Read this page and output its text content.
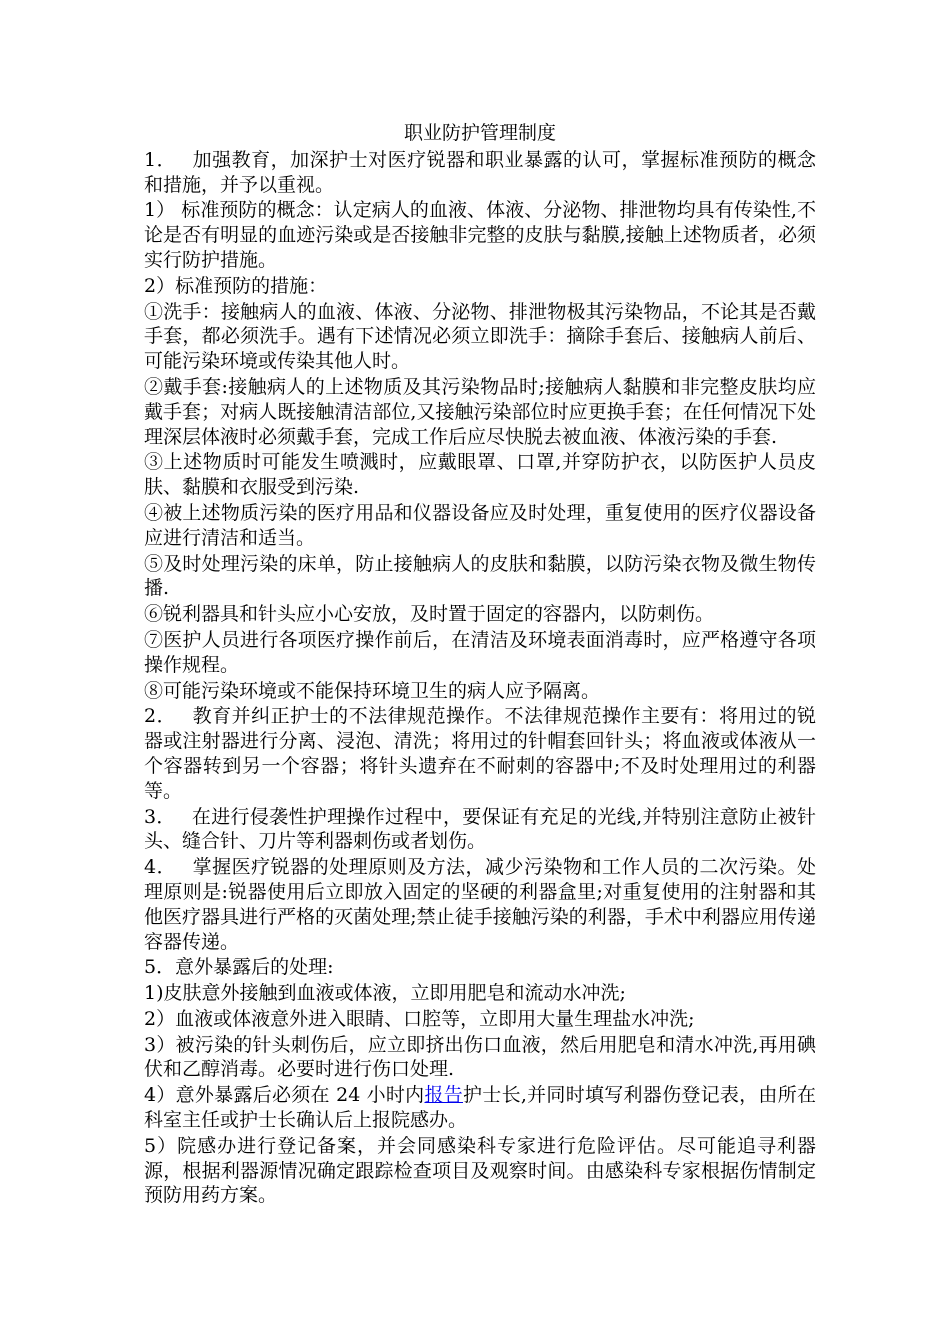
职业防护管理制度
1．　 加强教育，加深护士对医疗锐器和职业暴露的认可，掌握标准预防的概念和措施，并予以重视。
1） 标准预防的概念：认定病人的血液、体液、分泌物、排泄物均具有传染性,不论是否有明显的血迹污染或是否接触非完整的皮肤与黏膜,接触上述物质者，必须实行防护措施。
2）标准预防的措施：
①洗手：接触病人的血液、体液、分泌物、排泄物极其污染物品，不论其是否戴手套，都必须洗手。遇有下述情况必须立即洗手：摘除手套后、接触病人前后、可能污染环境或传染其他人时。
②戴手套:接触病人的上述物质及其污染物品时;接触病人黏膜和非完整皮肤均应戴手套；对病人既接触清洁部位,又接触污染部位时应更换手套；在任何情况下处理深层体液时必须戴手套，完成工作后应尽快脱去被血液、体液污染的手套.
③上述物质时可能发生喷溅时，应戴眼罩、口罩,并穿防护衣，以防医护人员皮肤、黏膜和衣服受到污染.
④被上述物质污染的医疗用品和仪器设备应及时处理，重复使用的医疗仪器设备应进行清洁和适当。
⑤及时处理污染的床单，防止接触病人的皮肤和黏膜，以防污染衣物及微生物传播.
⑥锐利器具和针头应小心安放，及时置于固定的容器内，以防刺伤。
⑦医护人员进行各项医疗操作前后，在清洁及环境表面消毒时，应严格遵守各项操作规程。
⑧可能污染环境或不能保持环境卫生的病人应予隔离。
2．　 教育并纠正护士的不法律规范操作。不法律规范操作主要有：将用过的锐器或注射器进行分离、浸泡、清洗；将用过的针帽套回针头；将血液或体液从一个容器转到另一个容器；将针头遗弃在不耐刺的容器中;不及时处理用过的利器等。
3．　 在进行侵袭性护理操作过程中，要保证有充足的光线,并特别注意防止被针头、缝合针、刀片等利器刺伤或者划伤。
4．　 掌握医疗锐器的处理原则及方法，减少污染物和工作人员的二次污染。处理原则是:锐器使用后立即放入固定的坚硬的利器盒里;对重复使用的注射器和其他医疗器具进行严格的灭菌处理;禁止徒手接触污染的利器，手术中利器应用传递容器传递。
5．意外暴露后的处理:
1)皮肤意外接触到血液或体液，立即用肥皂和流动水冲洗;
2）血液或体液意外进入眼睛、口腔等，立即用大量生理盐水冲洗;
3）被污染的针头刺伤后，应立即挤出伤口血液，然后用肥皂和清水冲洗,再用碘伏和乙醇消毒。必要时进行伤口处理.
4）意外暴露后必须在 24 小时内报告护士长,并同时填写利器伤登记表，由所在科室主任或护士长确认后上报院感办。
5）院感办进行登记备案，并会同感染科专家进行危险评估。尽可能追寻利器源，根据利器源情况确定跟踪检查项目及观察时间。由感染科专家根据伤情制定预防用药方案。
